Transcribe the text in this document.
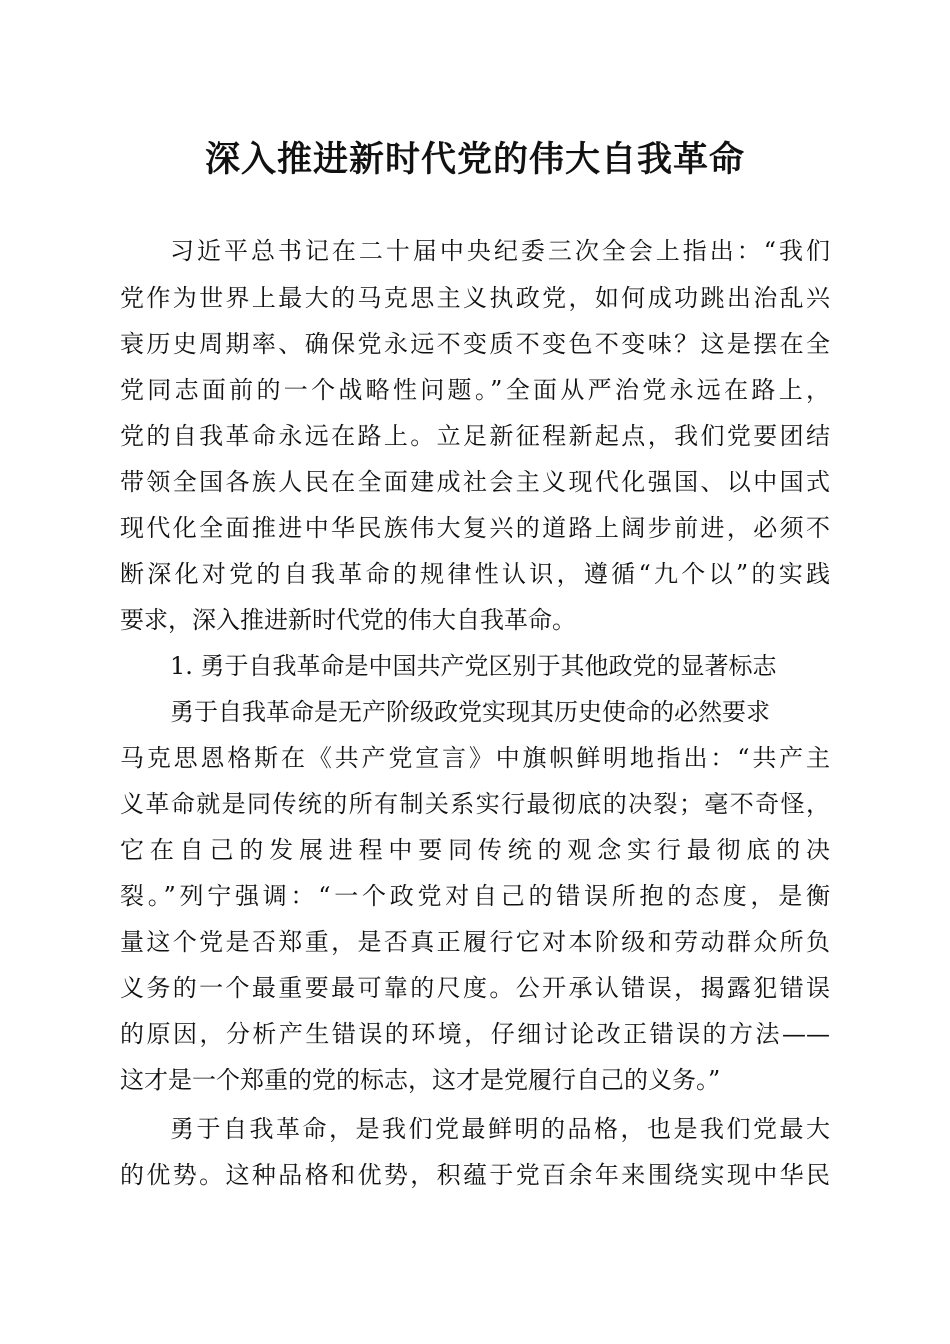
深入推进新时代党的伟大自我革命
习近平总书记在二十届中央纪委三次全会上指出：“我们
党作为世界上最大的马克思主义执政党，如何成功跳出治乱兴
衰历史周期率、确保党永远不变质不变色不变味？这是摆在全
党同志面前的一个战略性问题。”全面从严治党永远在路上，
党的自我革命永远在路上。立足新征程新起点，我们党要团结
带领全国各族人民在全面建成社会主义现代化强国、以中国式
现代化全面推进中华民族伟大复兴的道路上阔步前进，必须不
断深化对党的自我革命的规律性认识，遵循“九个以”的实践
要求，深入推进新时代党的伟大自我革命。
1. 勇于自我革命是中国共产党区别于其他政党的显著标志
勇于自我革命是无产阶级政党实现其历史使命的必然要求
马克思恩格斯在《共产党宣言》中旗帜鲜明地指出：“共产主
义革命就是同传统的所有制关系实行最彻底的决裂；毫不奇怪，
它在自己的发展进程中要同传统的观念实行最彻底的决
裂。”列宁强调：“一个政党对自己的错误所抱的态度，是衡
量这个党是否郑重，是否真正履行它对本阶级和劳动群众所负
义务的一个最重要最可靠的尺度。公开承认错误，揭露犯错误
的原因，分析产生错误的环境，仔细讨论改正错误的方法——
这才是一个郑重的党的标志，这才是党履行自己的义务。”
勇于自我革命，是我们党最鲜明的品格，也是我们党最大
的优势。这种品格和优势，积蕴于党百余年来围绕实现中华民
